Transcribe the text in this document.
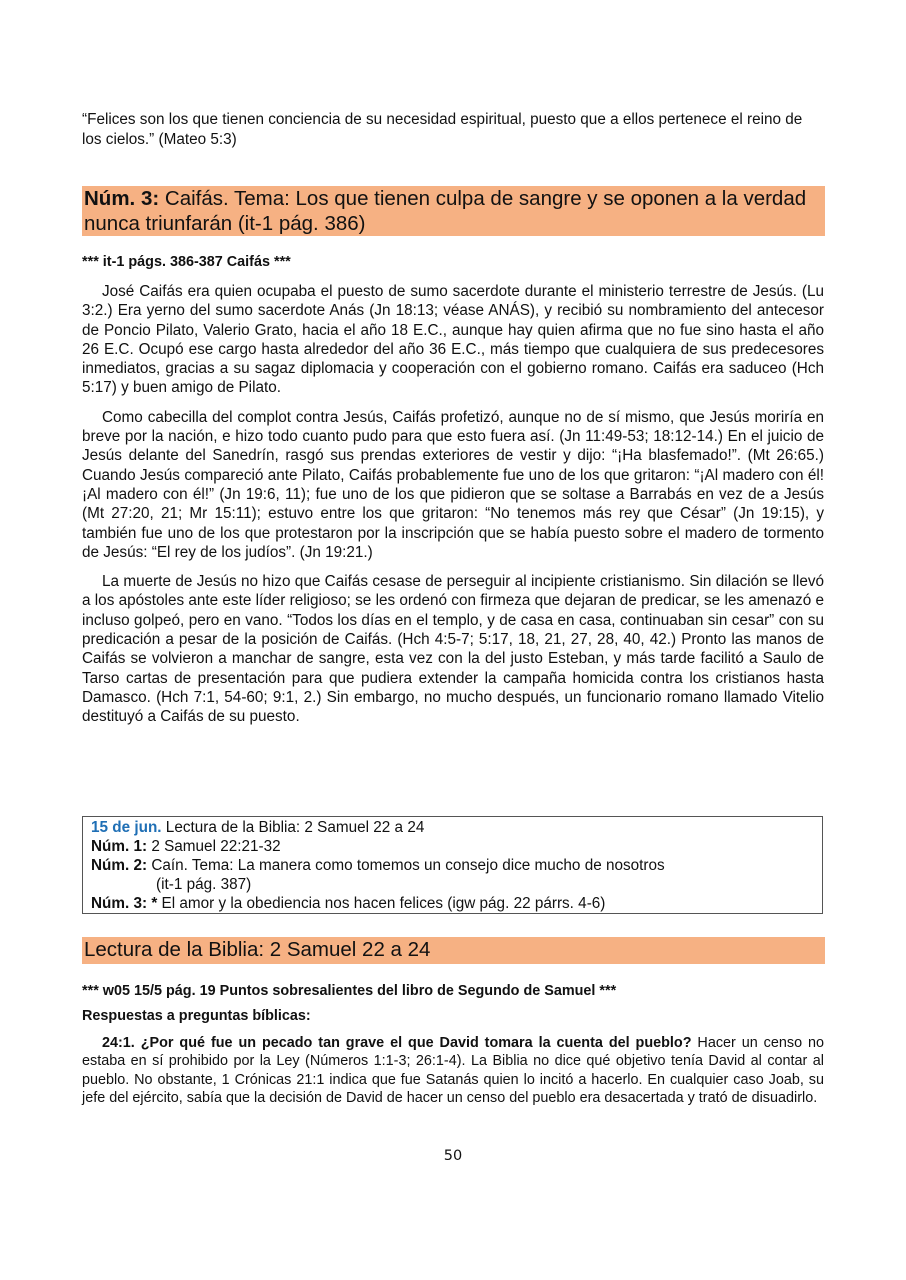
“Felices son los que tienen conciencia de su necesidad espiritual, puesto que a ellos pertenece el reino de los cielos.” (Mateo 5:3)
Núm. 3: Caifás. Tema: Los que tienen culpa de sangre y se oponen a la verdad nunca triunfarán (it-1 pág. 386)
*** it-1 págs. 386-387 Caifás ***

José Caifás era quien ocupaba el puesto de sumo sacerdote durante el ministerio terrestre de Jesús. (Lu 3:2.) Era yerno del sumo sacerdote Anás (Jn 18:13; véase ANÁS), y recibió su nombramiento del antecesor de Poncio Pilato, Valerio Grato, hacia el año 18 E.C., aunque hay quien afirma que no fue sino hasta el año 26 E.C. Ocupó ese cargo hasta alrededor del año 36 E.C., más tiempo que cualquiera de sus predecesores inmediatos, gracias a su sagaz diplomacia y cooperación con el gobierno romano. Caifás era saduceo (Hch 5:17) y buen amigo de Pilato.

Como cabecilla del complot contra Jesús, Caifás profetizó, aunque no de sí mismo, que Jesús moriría en breve por la nación, e hizo todo cuanto pudo para que esto fuera así. (Jn 11:49-53; 18:12-14.) En el juicio de Jesús delante del Sanedrín, rasgó sus prendas exteriores de vestir y dijo: “¡Ha blasfemado!”. (Mt 26:65.) Cuando Jesús compareció ante Pilato, Caifás probablemente fue uno de los que gritaron: “¡Al madero con él! ¡Al madero con él!” (Jn 19:6, 11); fue uno de los que pidieron que se soltase a Barrabás en vez de a Jesús (Mt 27:20, 21; Mr 15:11); estuvo entre los que gritaron: “No tenemos más rey que César” (Jn 19:15), y también fue uno de los que protestaron por la inscripción que se había puesto sobre el madero de tormento de Jesús: “El rey de los judíos”. (Jn 19:21.)

La muerte de Jesús no hizo que Caifás cesase de perseguir al incipiente cristianismo. Sin dilación se llevó a los apóstoles ante este líder religioso; se les ordenó con firmeza que dejaran de predicar, se les amenazó e incluso golpeó, pero en vano. “Todos los días en el templo, y de casa en casa, continuaban sin cesar” con su predicación a pesar de la posición de Caifás. (Hch 4:5-7; 5:17, 18, 21, 27, 28, 40, 42.) Pronto las manos de Caifás se volvieron a manchar de sangre, esta vez con la del justo Esteban, y más tarde facilitó a Saulo de Tarso cartas de presentación para que pudiera extender la campaña homicida contra los cristianos hasta Damasco. (Hch 7:1, 54-60; 9:1, 2.) Sin embargo, no mucho después, un funcionario romano llamado Vitelio destituyó a Caifás de su puesto.

15 de jun. Lectura de la Biblia: 2 Samuel 22 a 24
Núm. 1: 2 Samuel 22:21-32
Núm. 2: Caín. Tema: La manera como tomemos un consejo dice mucho de nosotros
(it-1 pág. 387)
Núm. 3: * El amor y la obediencia nos hacen felices (igw pág. 22 párrs. 4-6)
Lectura de la Biblia: 2 Samuel 22 a 24
*** w05 15/5 pág. 19 Puntos sobresalientes del libro de Segundo de Samuel ***
Respuestas a preguntas bíblicas:

24:1. ¿Por qué fue un pecado tan grave el que David tomara la cuenta del pueblo? Hacer un censo no estaba en sí prohibido por la Ley (Números 1:1-3; 26:1-4). La Biblia no dice qué objetivo tenía David al contar al pueblo. No obstante, 1 Crónicas 21:1 indica que fue Satanás quien lo incitó a hacerlo. En cualquier caso Joab, su jefe del ejército, sabía que la decisión de David de hacer un censo del pueblo era desacertada y trató de disuadirlo.

50
